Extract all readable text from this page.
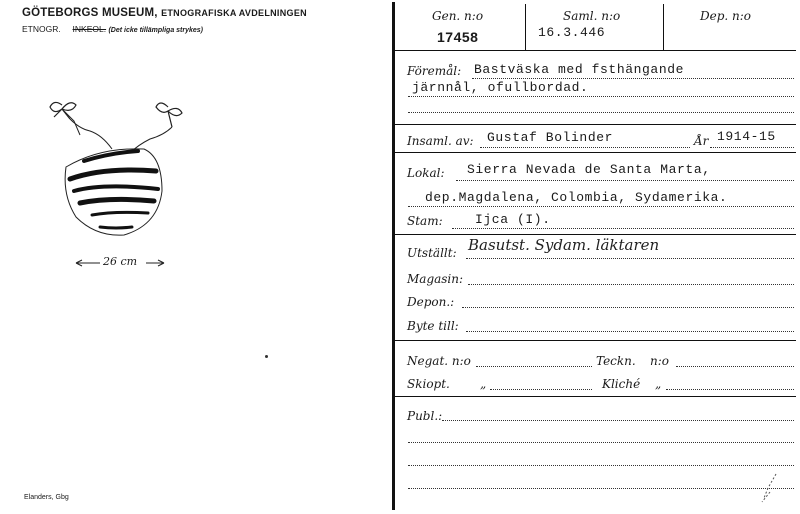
GÖTEBORGS MUSEUM, ETNOGRAFISKA AVDELNINGEN
ETNOGR. INKEOL. (Det icke tillämpliga strykes)
26 cm
Elanders, Gbg
Gen. n:o
17458
Saml. n:o
16.3.446
Dep. n:o
Föremål: Bastväska med fsthängande
järnnål, ofullbordad.
Insaml. av: Gustaf Bolinder	År 1914-15
Lokal: Sierra Nevada de Santa Marta,
dep.Magdalena, Colombia, Sydamerika.
Stam: Ijca (I).
Utställt: Basutst. Sydam. läktaren
Magasin:
Depon.:
Byte till:
Negat. n:o	Teckn. n:o
Skiopt.	„	Kliché „
Publ.:
